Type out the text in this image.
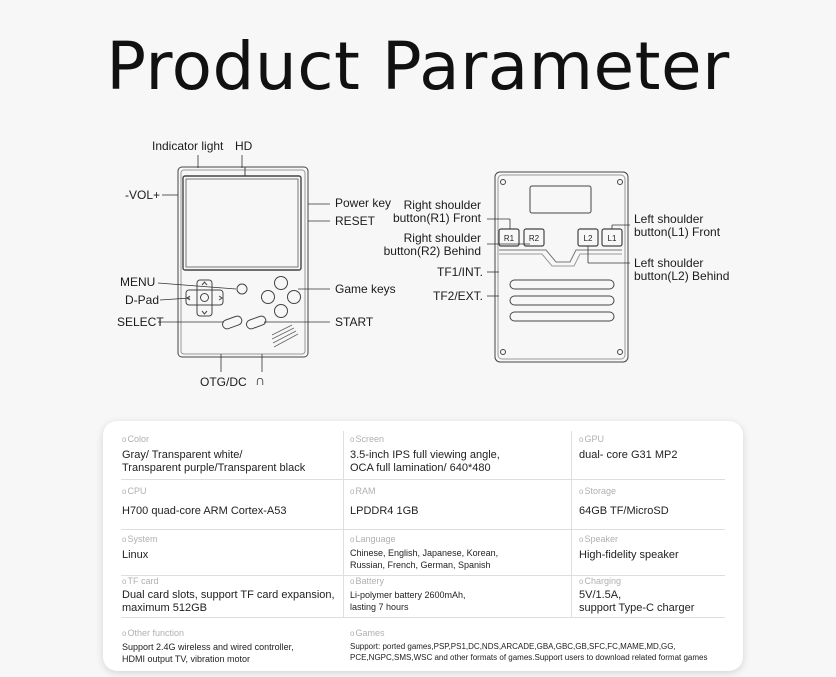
Product Parameter
R1 R2	L2 L1
Indicator light HD
-VOL+
Power key
RESET
MENU
D-Pad
Game keys
SELECT	START
OTG/DC ∩
Right shoulder
button(R1) Front
Right shoulder
button(R2) Behind
Left shoulder
button(L1) Front
Left shoulder
button(L2) Behind
TF1/INT.
TF2/EXT.
o Color
Gray/ Transparent white/
Transparent purple/Transparent black
o Screen
3.5-inch IPS full viewing angle,
OCA full lamination/ 640*480
o GPU
dual- core G31 MP2
o CPU
H700 quad-core ARM Cortex-A53
o RAM
LPDDR4 1GB
o Storage
64GB TF/MicroSD
o System
Linux
o Language
Chinese, English, Japanese, Korean,
Russian, French, German, Spanish
o Speaker
High-fidelity speaker
o TF card
Dual card slots, support TF card expansion,
maximum 512GB
o Battery
Li-polymer battery 2600mAh,
lasting 7 hours
o Charging
5V/1.5A,
support Type-C charger
o Other function
Support 2.4G wireless and wired controller,
HDMI output TV, vibration motor
o Games
Support: ported games,PSP,PS1,DC,NDS,ARCADE,GBA,GBC,GB,SFC,FC,MAME,MD,GG,
PCE,NGPC,SMS,WSC and other formats of games.Support users to download related format games
